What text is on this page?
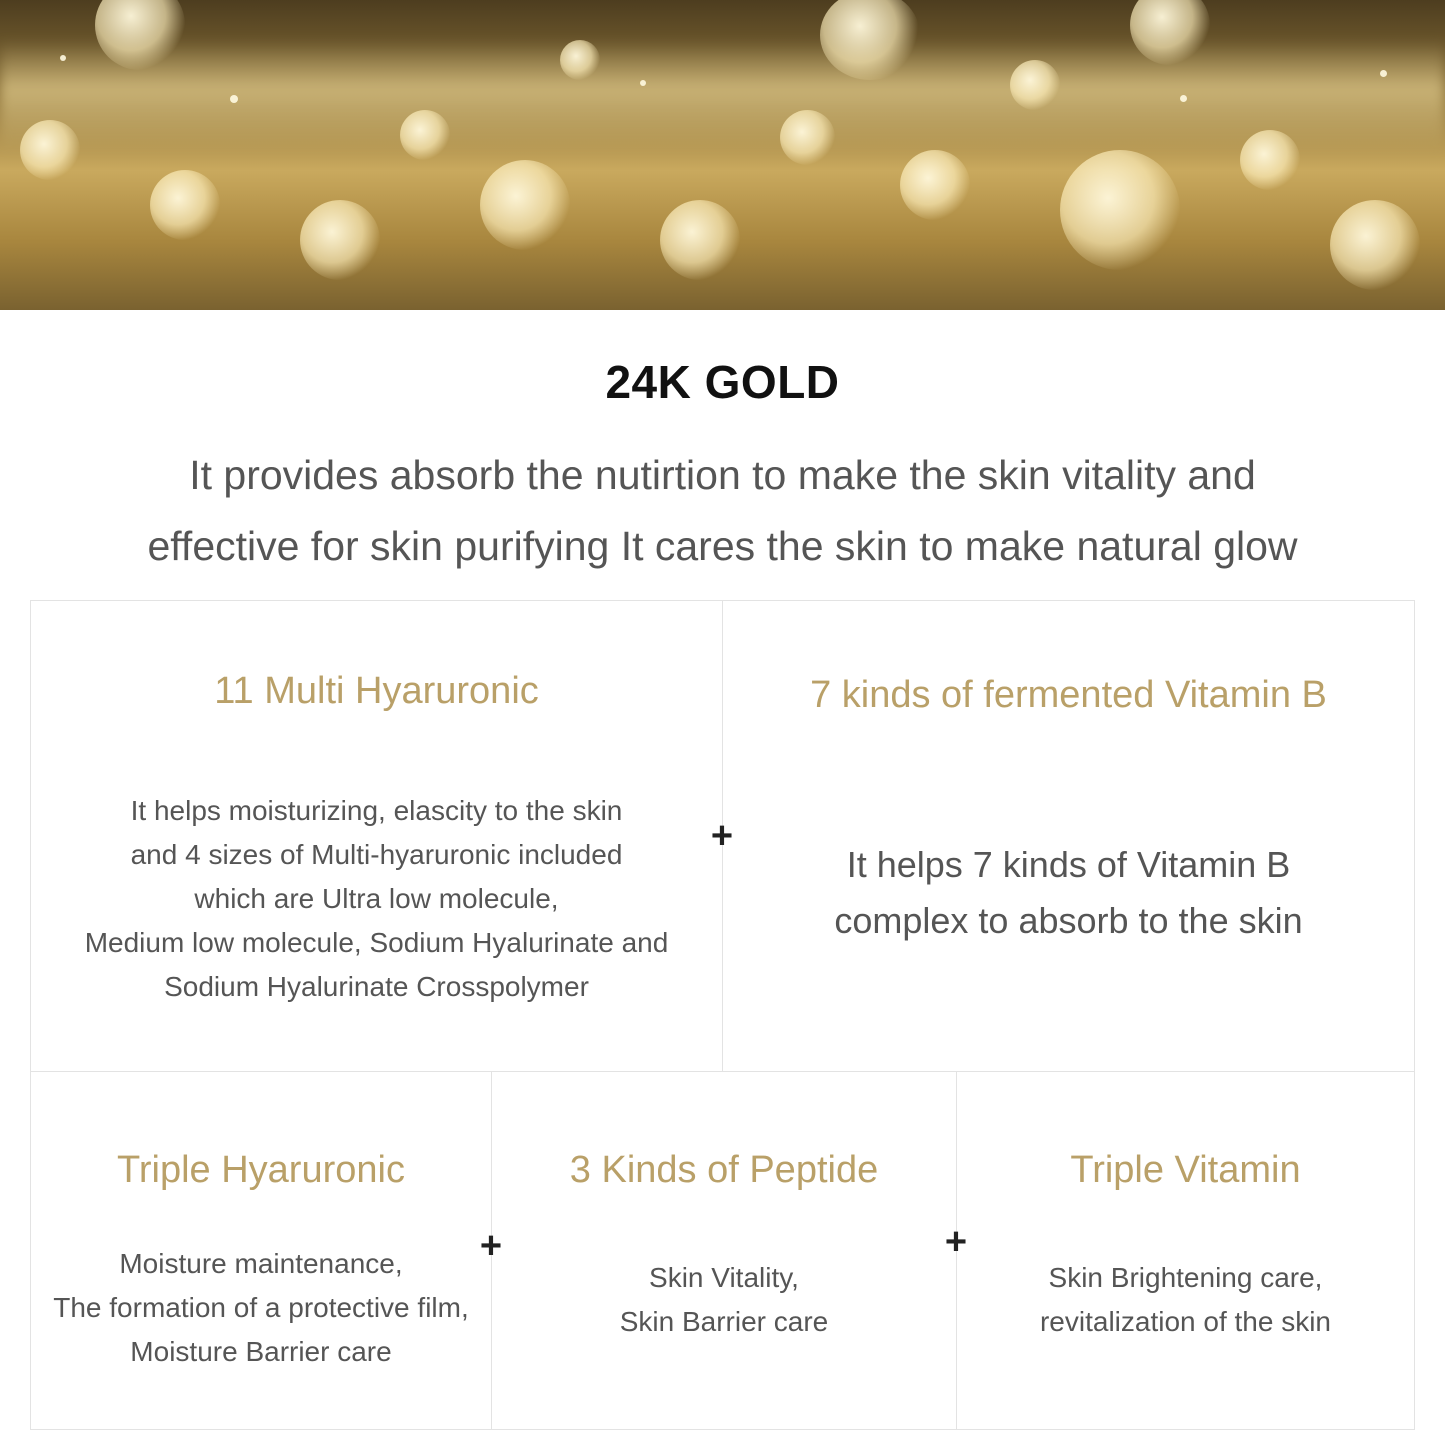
24K GOLD
It provides absorb the nutirtion to make the skin vitality and
effective for skin purifying It cares the skin to make natural glow
11 Multi Hyaruronic
It helps moisturizing, elascity to the skin
and 4 sizes of Multi-hyaruronic included
which are Ultra low molecule,
Medium low molecule, Sodium Hyalurinate and
Sodium Hyalurinate Crosspolymer
7 kinds of fermented Vitamin B
It helps 7 kinds of Vitamin B
complex to absorb to the skin
Triple Hyaruronic
Moisture maintenance,
The formation of a protective film,
Moisture Barrier care
3 Kinds of Peptide
Skin Vitality,
Skin Barrier care
Triple Vitamin
Skin Brightening care,
revitalization of the skin
+
+	+
